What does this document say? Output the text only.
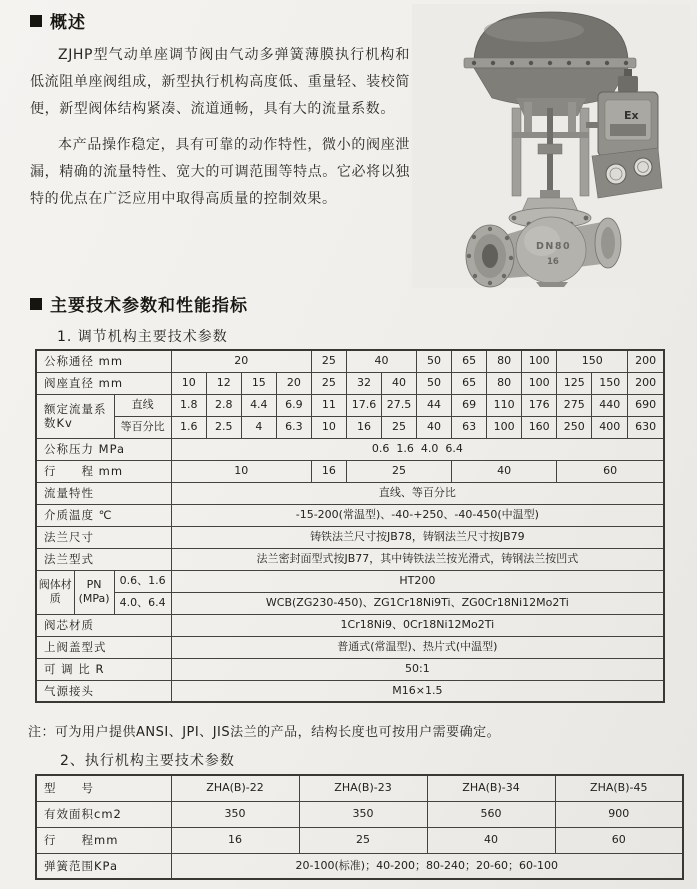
概述

ZJHP型气动单座调节阀由气动多弹簧薄膜执行机构和低流阻单座阀组成，新型执行机构高度低、重量轻、装校简便，新型阀体结构紧凑、流道通畅，具有大的流量系数。

本产品操作稳定，具有可靠的动作特性，微小的阀座泄漏，精确的流量特性、宽大的可调范围等特点。它必将以独特的优点在广泛应用中取得高质量的控制效果。

Ex
DN80
16
主要技术参数和性能指标
1. 调节机构主要技术参数
公称通径 mm			20				25	40		50	65	80	100	150		200
阀座直径 mm			10	12	15	20	25	32	40	50	65	80	100	125	150	200
额定流量系数Kv		直线	1.8	2.8	4.4	6.9	11	17.6	27.5	44	69	110	176	275	440	690
		等百分比	1.6	2.5	4	6.3	10	16	25	40	63	100	160	250	400	630
公称压力 MPa			0.6  1.6  4.0  6.4													
行　　程 mm			10				16	25			40			60		
流量特性			直线、等百分比													
介质温度 ℃			-15-200(常温型)、-40-+250、-40-450(中温型)													
法兰尺寸			铸铁法兰尺寸按JB78，铸钢法兰尺寸按JB79													
法兰型式			法兰密封面型式按JB77，其中铸铁法兰按光滑式，铸钢法兰按凹式													
阀体材质	PN (MPa)	0.6、1.6	HT200													
		4.0、6.4	WCB(ZG230-450)、ZG1Cr18Ni9Ti、ZG0Cr18Ni12Mo2Ti													
阀芯材质			1Cr18Ni9、0Cr18Ni12Mo2Ti													
上阀盖型式			普通式(常温型)、热片式(中温型)													
可 调 比 R			50:1													
气源接头			M16×1.5													
注：可为用户提供ANSI、JPI、JIS法兰的产品，结构长度也可按用户需要确定。
2、执行机构主要技术参数
型　　号	ZHA(B)-22	ZHA(B)-23	ZHA(B)-34	ZHA(B)-45
有效面积cm2	350	350	560	900
行　　程mm	16	25	40	60
弹簧范围KPa	20-100(标准)；40-200；80-240；20-60；60-100			
